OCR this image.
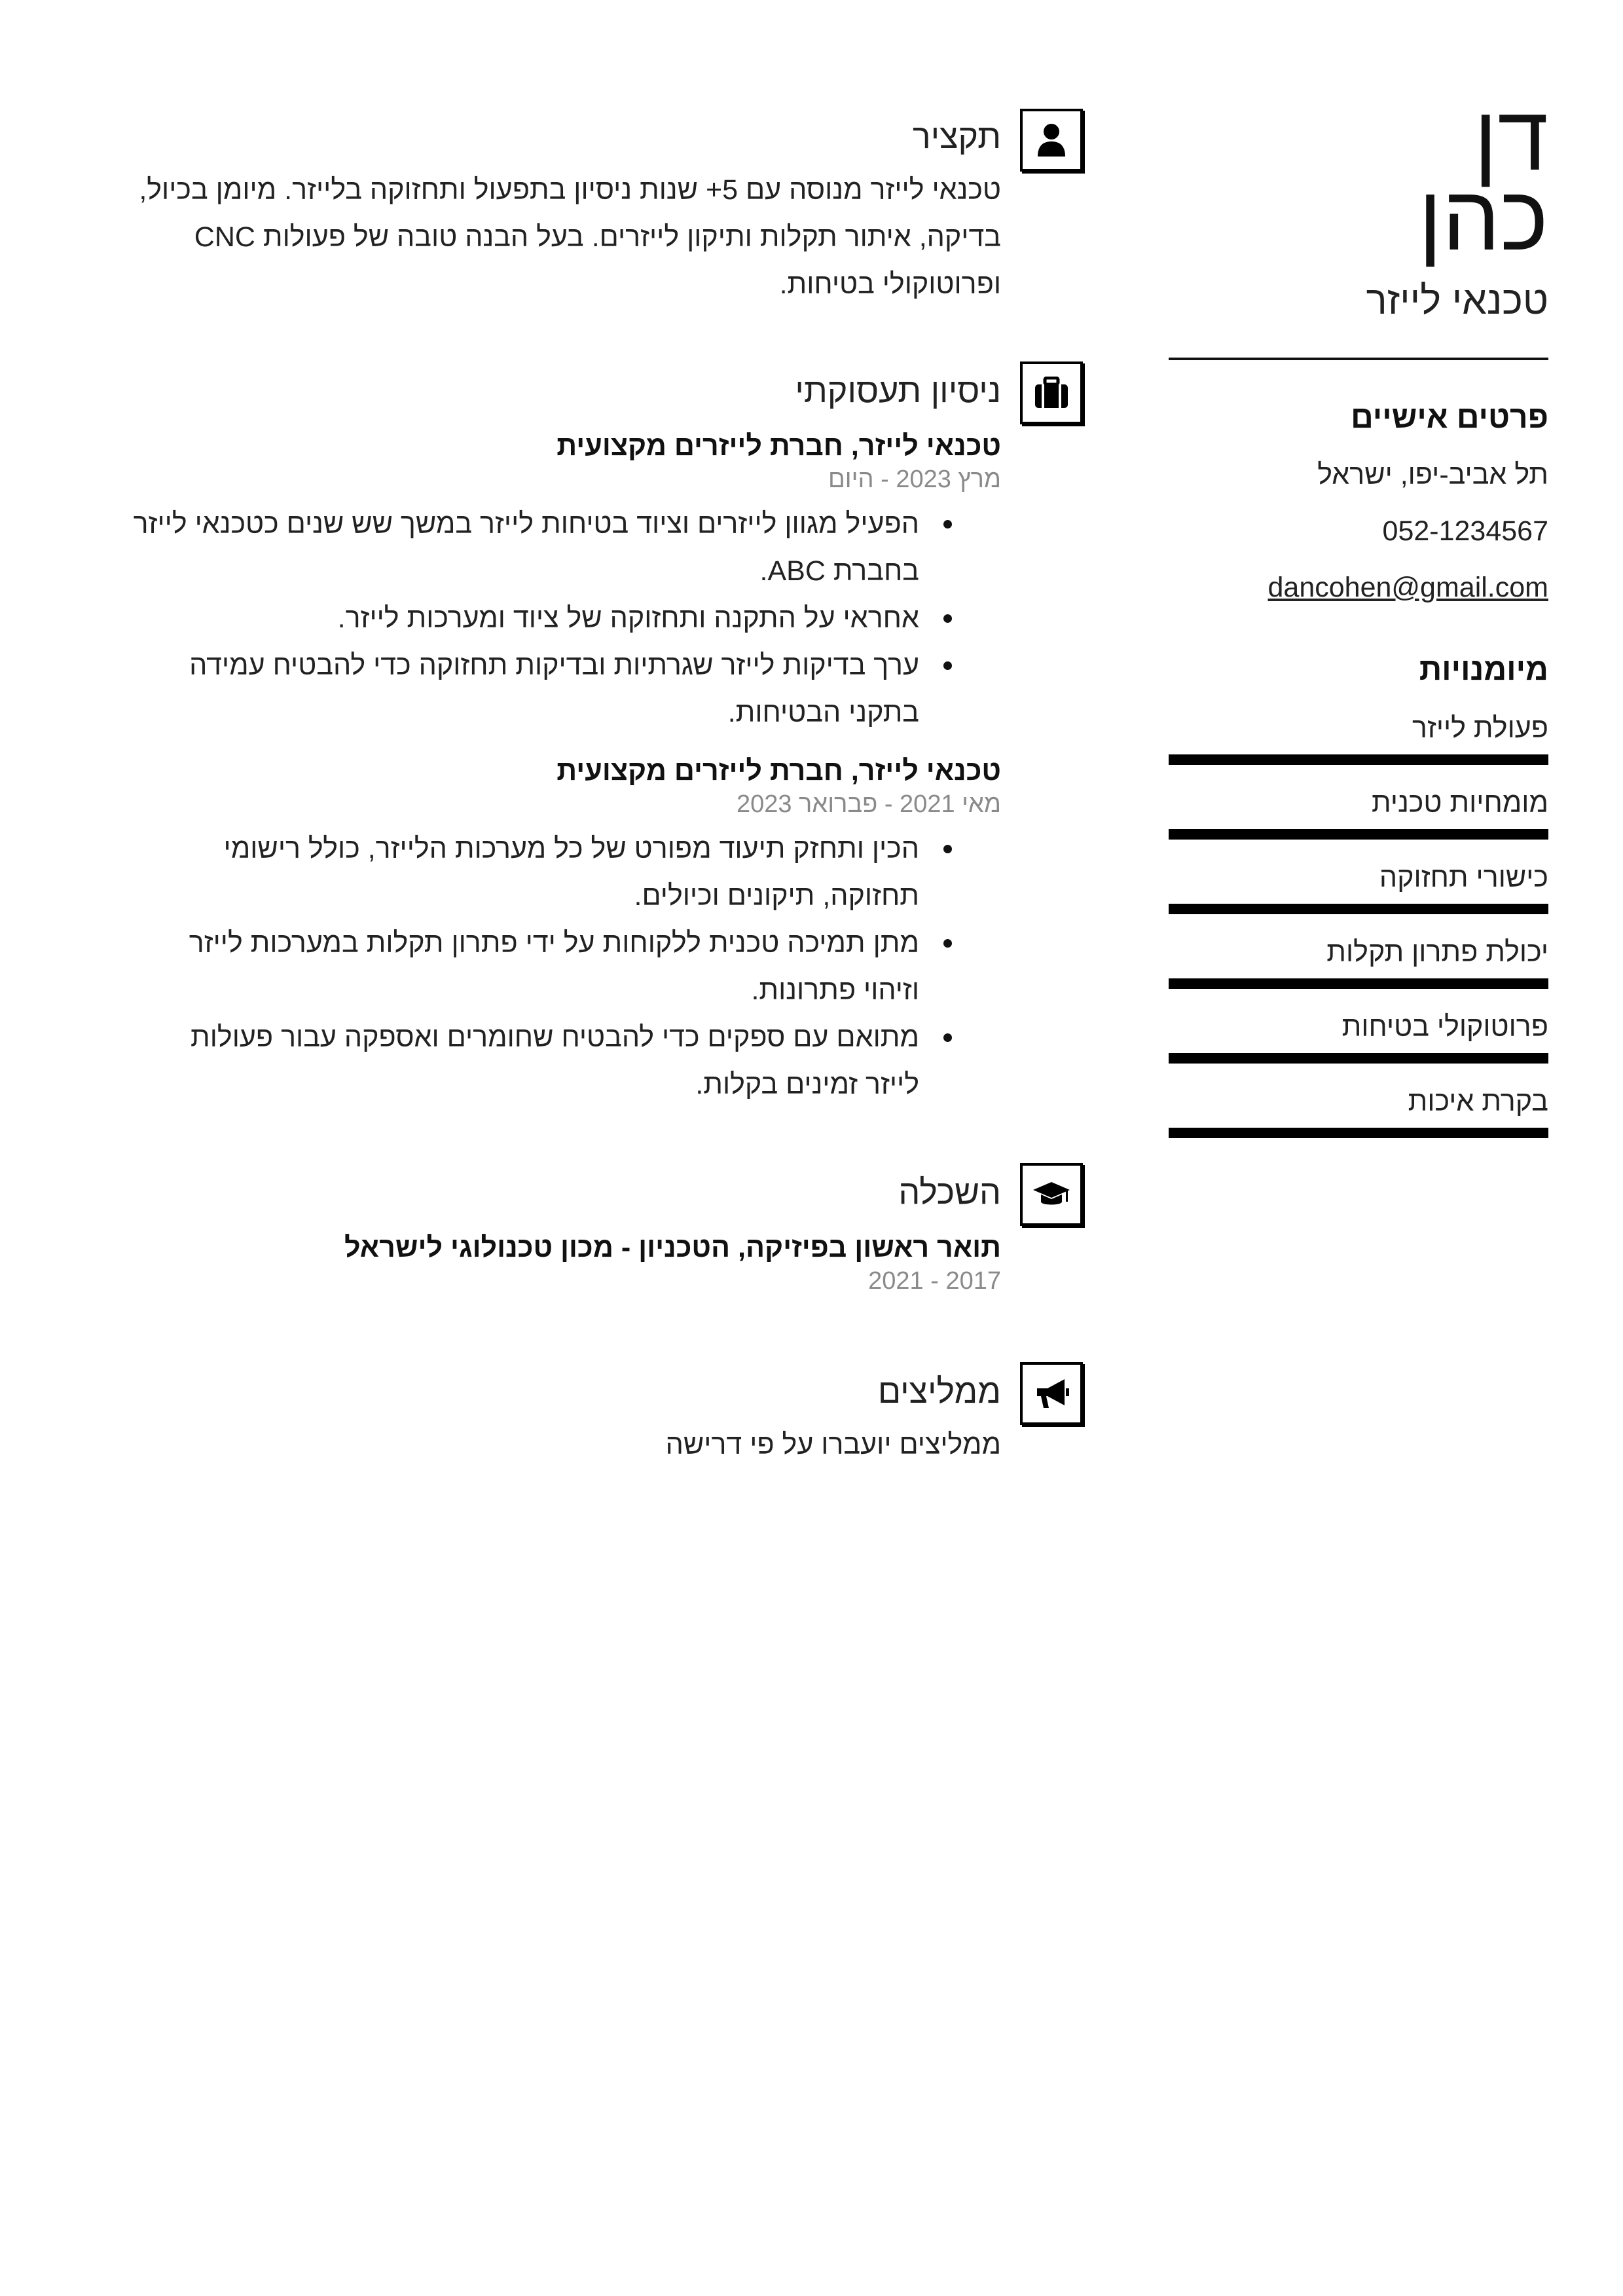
דן
כהן
טכנאי לייזר
פרטים אישיים
תל אביב-יפו, ישראל
052-1234567
dancohen@gmail.com
מיומנויות
פעולת לייזר
מומחיות טכנית
כישורי תחזוקה
יכולת פתרון תקלות
פרוטוקולי בטיחות
בקרת איכות
תקציר
טכנאי לייזר מנוסה עם 5+ שנות ניסיון בתפעול ותחזוקה בלייזר. מיומן בכיול,
בדיקה, איתור תקלות ותיקון לייזרים. בעל הבנה טובה של פעולות CNC
ופרוטוקולי בטיחות.
ניסיון תעסוקתי
טכנאי לייזר, חברת לייזרים מקצועית
מרץ 2023 - היום
הפעיל מגוון לייזרים וציוד בטיחות לייזר במשך שש שנים כטכנאי לייזר
בחברת ABC.
אחראי על התקנה ותחזוקה של ציוד ומערכות לייזר.
ערך בדיקות לייזר שגרתיות ובדיקות תחזוקה כדי להבטיח עמידה
בתקני הבטיחות.
טכנאי לייזר, חברת לייזרים מקצועית
מאי 2021 - פברואר 2023
הכין ותחזק תיעוד מפורט של כל מערכות הלייזר, כולל רישומי
תחזוקה, תיקונים וכיולים.
מתן תמיכה טכנית ללקוחות על ידי פתרון תקלות במערכות לייזר
וזיהוי פתרונות.
מתואם עם ספקים כדי להבטיח שחומרים ואספקה עבור פעולות
לייזר זמינים בקלות.
השכלה
תואר ראשון בפיזיקה, הטכניון - מכון טכנולוגי לישראל
2017 - 2021
ממליצים
ממליצים יועברו על פי דרישה
